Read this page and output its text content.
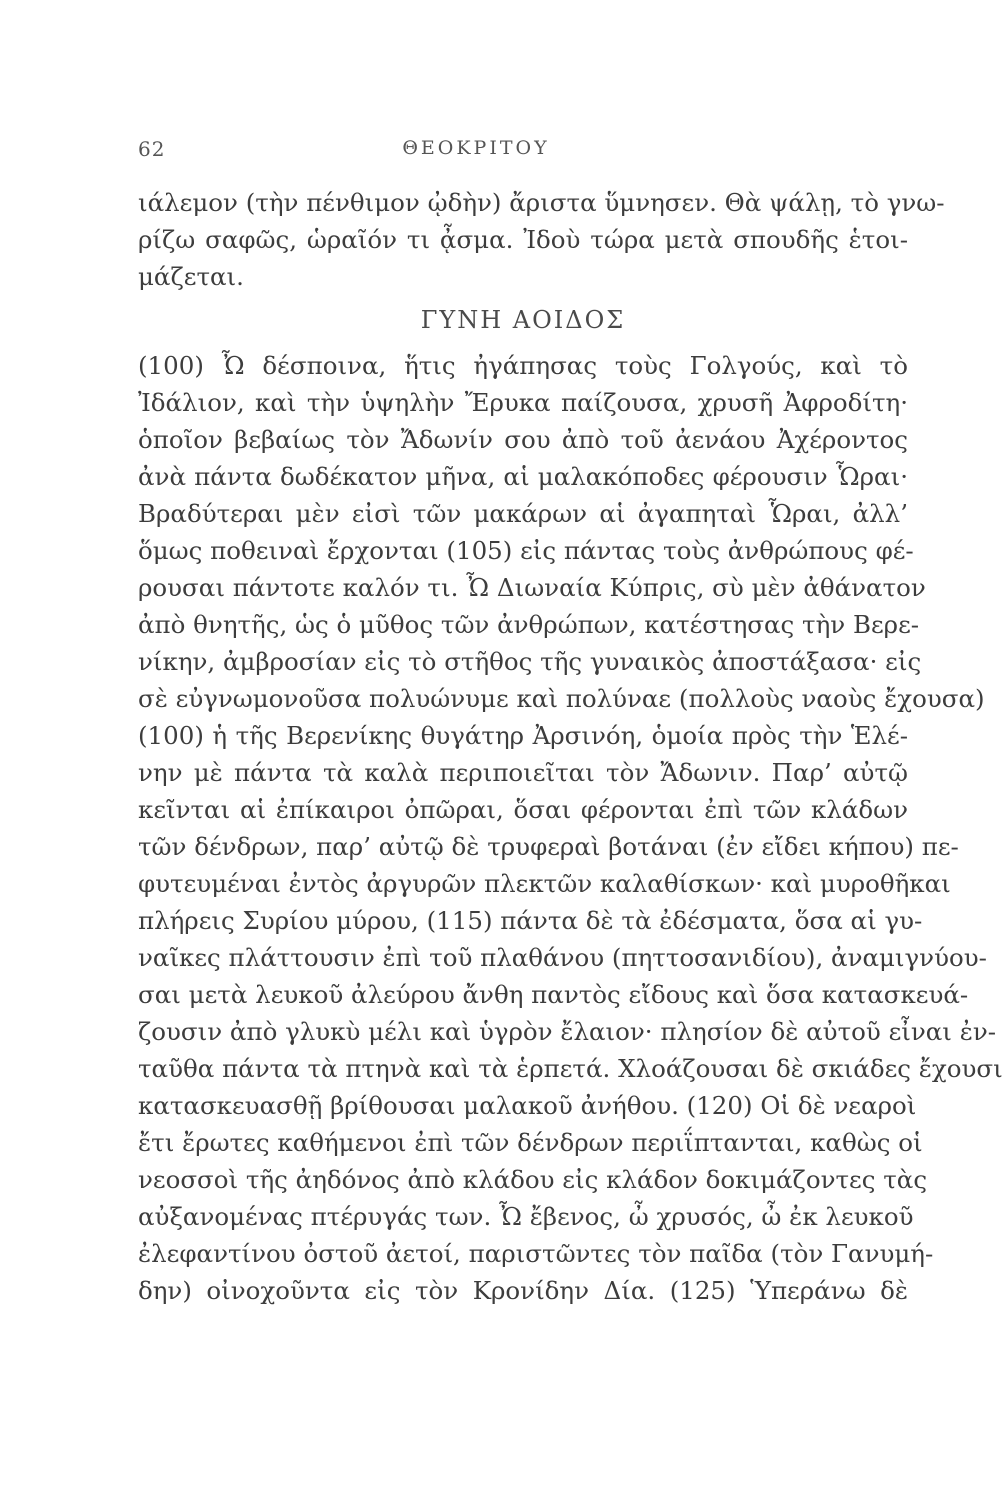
62	ΘΕΟΚΡΙΤΟΥ
ιάλεμον (τὴν πένθιμον ᾠδὴν) ἄριστα ὕμνησεν. Θὰ ψάλῃ, τὸ γνω-
ρίζω σαφῶς, ὡραῖόν τι ᾆσμα. Ἰδοὺ τώρα μετὰ σπουδῆς ἑτοι-
μάζεται.
ΓΥΝΗ ΑΟΙΔΟΣ
(100) Ὦ δέσποινα, ἥτις ἠγάπησας τοὺς Γολγούς, καὶ τὸ
Ἰδάλιον, καὶ τὴν ὑψηλὴν Ἔρυκα παίζουσα, χρυσῆ Ἀφροδίτη·
ὁποῖον βεβαίως τὸν Ἄδωνίν σου ἀπὸ τοῦ ἀενάου Ἀχέροντος
ἀνὰ πάντα δωδέκατον μῆνα, αἱ μαλακόποδες φέρουσιν Ὧραι·
Βραδύτεραι μὲν εἰσὶ τῶν μακάρων αἱ ἀγαπηταὶ Ὧραι, ἀλλ’
ὅμως ποθειναὶ ἔρχονται (105) εἰς πάντας τοὺς ἀνθρώπους φέ-
ρουσαι πάντοτε καλόν τι. Ὦ Διωναία Κύπρις, σὺ μὲν ἀθάνατον
ἀπὸ θνητῆς, ὡς ὁ μῦθος τῶν ἀνθρώπων, κατέστησας τὴν Βερε-
νίκην, ἀμβροσίαν εἰς τὸ στῆθος τῆς γυναικὸς ἀποστάξασα· εἰς
σὲ εὐγνωμονοῦσα πολυώνυμε καὶ πολύναε (πολλοὺς ναοὺς ἔχουσα)
(100) ἡ τῆς Βερενίκης θυγάτηρ Ἀρσινόη, ὁμοία πρὸς τὴν Ἑλέ-
νην μὲ πάντα τὰ καλὰ περιποιεῖται τὸν Ἄδωνιν. Παρ’ αὐτῷ
κεῖνται αἱ ἐπίκαιροι ὀπῶραι, ὅσαι φέρονται ἐπὶ τῶν κλάδων
τῶν δένδρων, παρ’ αὐτῷ δὲ τρυφεραὶ βοτάναι (ἐν εἴδει κήπου) πε-
φυτευμέναι ἐντὸς ἀργυρῶν πλεκτῶν καλαθίσκων· καὶ μυροθῆκαι
πλήρεις Συρίου μύρου, (115) πάντα δὲ τὰ ἐδέσματα, ὅσα αἱ γυ-
ναῖκες πλάττουσιν ἐπὶ τοῦ πλαθάνου (πηττοσανιδίου), ἀναμιγνύου-
σαι μετὰ λευκοῦ ἀλεύρου ἄνθη παντὸς εἴδους καὶ ὅσα κατασκευά-
ζουσιν ἀπὸ γλυκὺ μέλι καὶ ὑγρὸν ἔλαιον· πλησίον δὲ αὐτοῦ εἶναι ἐν-
ταῦθα πάντα τὰ πτηνὰ καὶ τὰ ἑρπετά. Χλοάζουσαι δὲ σκιάδες ἔχουσι
κατασκευασθῇ βρίθουσαι μαλακοῦ ἀνήθου. (120) Οἱ δὲ νεαροὶ
ἔτι ἔρωτες καθήμενοι ἐπὶ τῶν δένδρων περιΐπτανται, καθὼς οἱ
νεοσσοὶ τῆς ἀηδόνος ἀπὸ κλάδου εἰς κλάδον δοκιμάζοντες τὰς
αὐξανομένας πτέρυγάς των. Ὦ ἔβενος, ὦ χρυσός, ὦ ἐκ λευκοῦ
ἐλεφαντίνου ὀστοῦ ἀετοί, παριστῶντες τὸν παῖδα (τὸν Γανυμή-
δην) οἰνοχοῦντα εἰς τὸν Κρονίδην Δία. (125) Ὑπεράνω δὲ
